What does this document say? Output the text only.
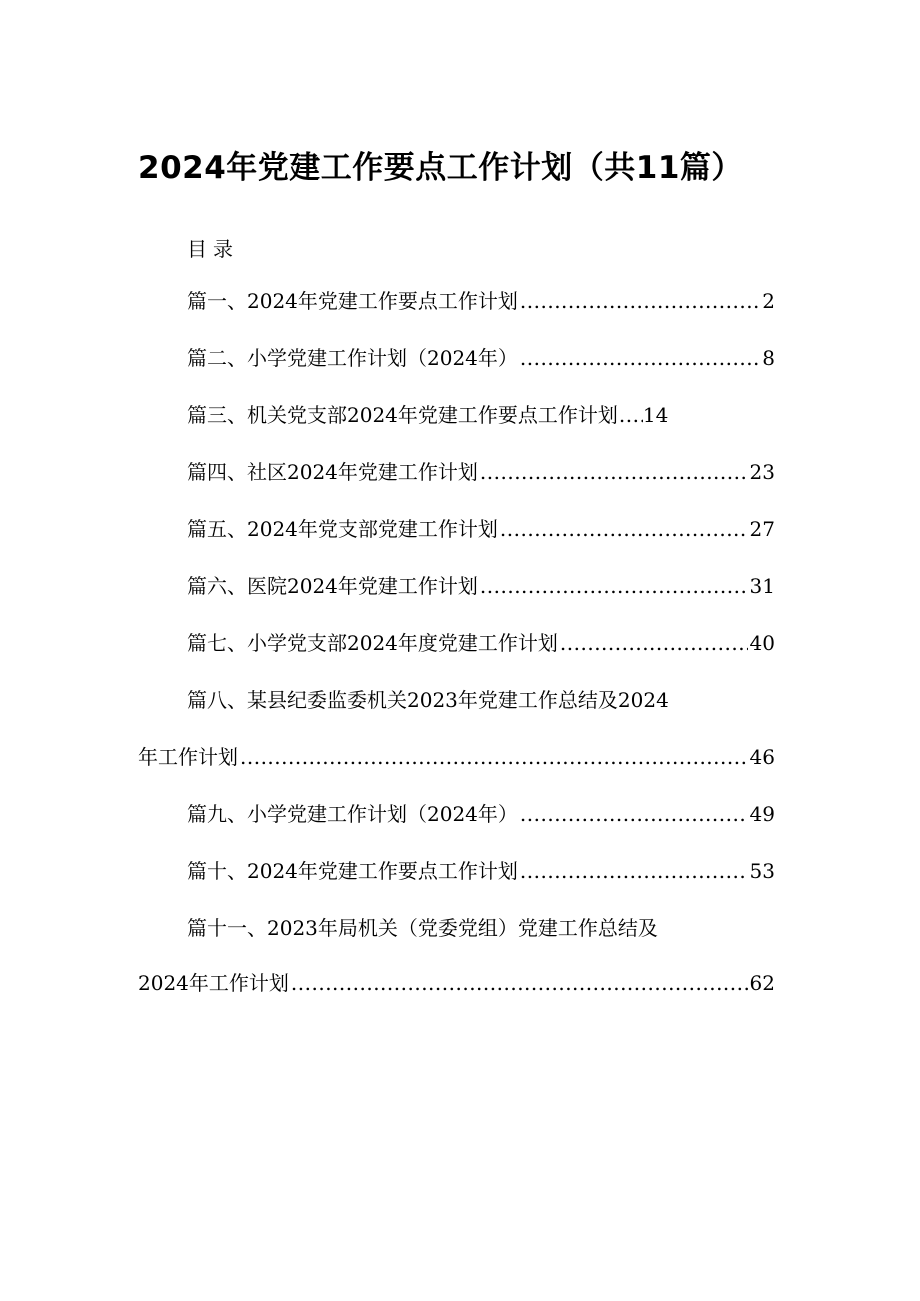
2024年党建工作要点工作计划（共11篇）
目录
篇一、2024年党建工作要点工作计划 .....	2
篇二、小学党建工作计划（2024年） .....	8
篇三、机关党支部2024年党建工作要点工作计划 ..... 14
篇四、社区2024年党建工作计划 .....	23
篇五、2024年党支部党建工作计划 .....	27
篇六、医院2024年党建工作计划 .....	31
篇七、小学党支部2024年度党建工作计划 .....	40
篇八、某县纪委监委机关2023年党建工作总结及2024
年工作计划 .....	46
篇九、小学党建工作计划（2024年） .....	49
篇十、2024年党建工作要点工作计划 .....	53
篇十一、2023年局机关（党委党组）党建工作总结及
2024年工作计划 .....	62
